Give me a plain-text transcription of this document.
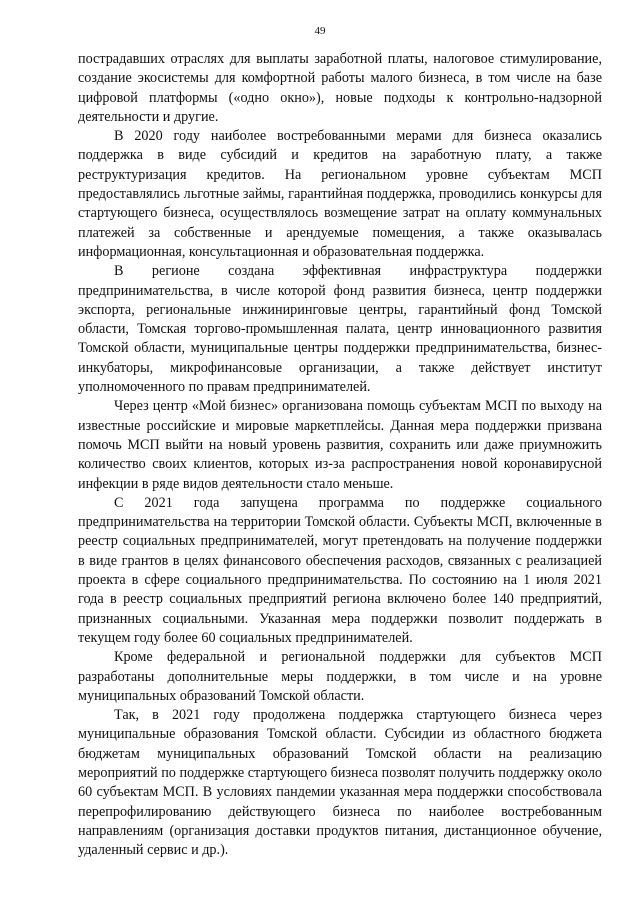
49

пострадавших отраслях для выплаты заработной платы, налоговое стимулирование, создание экосистемы для комфортной работы малого бизнеса, в том числе на базе цифровой платформы («одно окно»), новые подходы к контрольно-надзорной деятельности и другие.

В 2020 году наиболее востребованными мерами для бизнеса оказались поддержка в виде субсидий и кредитов на заработную плату, а также реструктуризация кредитов. На региональном уровне субъектам МСП предоставлялись льготные займы, гарантийная поддержка, проводились конкурсы для стартующего бизнеса, осуществлялось возмещение затрат на оплату коммунальных платежей за собственные и арендуемые помещения, а также оказывалась информационная, консультационная и образовательная поддержка.

В регионе создана эффективная инфраструктура поддержки предпринимательства, в числе которой фонд развития бизнеса, центр поддержки экспорта, региональные инжиниринговые центры, гарантийный фонд Томской области, Томская торгово-промышленная палата, центр инновационного развития Томской области, муниципальные центры поддержки предпринимательства, бизнес-инкубаторы, микрофинансовые организации, а также действует институт уполномоченного по правам предпринимателей.

Через центр «Мой бизнес» организована помощь субъектам МСП по выходу на известные российские и мировые маркетплейсы. Данная мера поддержки призвана помочь МСП выйти на новый уровень развития, сохранить или даже приумножить количество своих клиентов, которых из-за распространения новой коронавирусной инфекции в ряде видов деятельности стало меньше.

С 2021 года запущена программа по поддержке социального предпринимательства на территории Томской области. Субъекты МСП, включенные в реестр социальных предпринимателей, могут претендовать на получение поддержки в виде грантов в целях финансового обеспечения расходов, связанных с реализацией проекта в сфере социального предпринимательства. По состоянию на 1 июля 2021 года в реестр социальных предприятий региона включено более 140 предприятий, признанных социальными. Указанная мера поддержки позволит поддержать в текущем году более 60 социальных предпринимателей.

Кроме федеральной и региональной поддержки для субъектов МСП разработаны дополнительные меры поддержки, в том числе и на уровне муниципальных образований Томской области.

Так, в 2021 году продолжена поддержка стартующего бизнеса через муниципальные образования Томской области. Субсидии из областного бюджета бюджетам муниципальных образований Томской области на реализацию мероприятий по поддержке стартующего бизнеса позволят получить поддержку около 60 субъектам МСП. В условиях пандемии указанная мера поддержки способствовала перепрофилированию действующего бизнеса по наиболее востребованным направлениям (организация доставки продуктов питания, дистанционное обучение, удаленный сервис и др.).
